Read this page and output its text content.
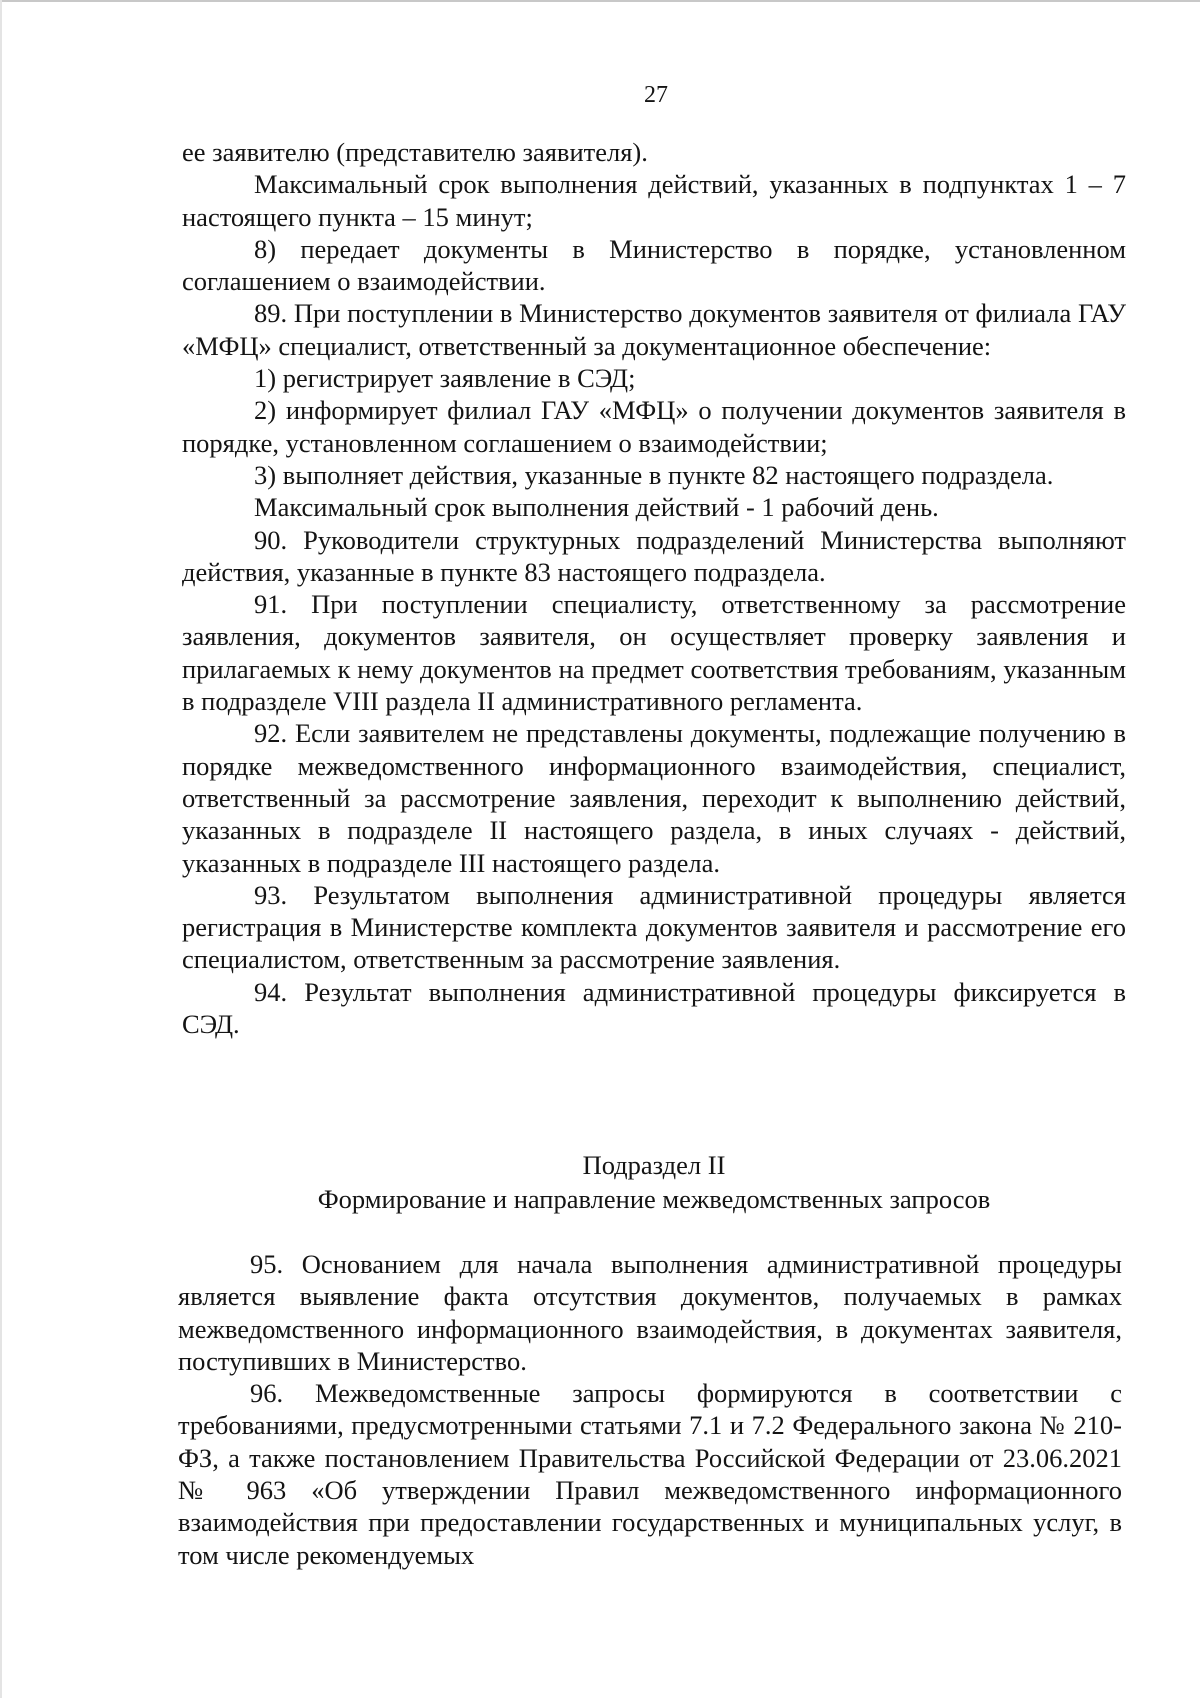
27

ее заявителю (представителю заявителя).

Максимальный срок выполнения действий, указанных в подпунктах 1 – 7 настоящего пункта – 15 минут;

8) передает документы в Министерство в порядке, установленном соглашением о взаимодействии.

89. При поступлении в Министерство документов заявителя от филиала ГАУ «МФЦ» специалист, ответственный за документационное обеспечение:

1) регистрирует заявление в СЭД;

2) информирует филиал ГАУ «МФЦ» о получении документов заявителя в порядке, установленном соглашением о взаимодействии;

3) выполняет действия, указанные в пункте 82 настоящего подраздела.

Максимальный срок выполнения действий - 1 рабочий день.

90. Руководители структурных подразделений Министерства выполняют действия, указанные в пункте 83 настоящего подраздела.

91. При поступлении специалисту, ответственному за рассмотрение заявления, документов заявителя, он осуществляет проверку заявления и прилагаемых к нему документов на предмет соответствия требованиям, указанным в подразделе VIII раздела II административного регламента.

92. Если заявителем не представлены документы, подлежащие получению в порядке межведомственного информационного взаимодействия, специалист, ответственный за рассмотрение заявления, переходит к выполнению действий, указанных в подразделе II настоящего раздела, в иных случаях - действий, указанных в подразделе III настоящего раздела.

93. Результатом выполнения административной процедуры является регистрация в Министерстве комплекта документов заявителя и рассмотрение его специалистом, ответственным за рассмотрение заявления.

94. Результат выполнения административной процедуры фиксируется в СЭД.

Подраздел II
Формирование и направление межведомственных запросов

95. Основанием для начала выполнения административной процедуры является выявление факта отсутствия документов, получаемых в рамках межведомственного информационного взаимодействия, в документах заявителя, поступивших в Министерство.

96. Межведомственные запросы формируются в соответствии с требованиями, предусмотренными статьями 7.1 и 7.2 Федерального закона № 210-ФЗ, а также постановлением Правительства Российской Федерации от 23.06.2021 № 963 «Об утверждении Правил межведомственного информационного взаимодействия при предоставлении государственных и муниципальных услуг, в том числе рекомендуемых
